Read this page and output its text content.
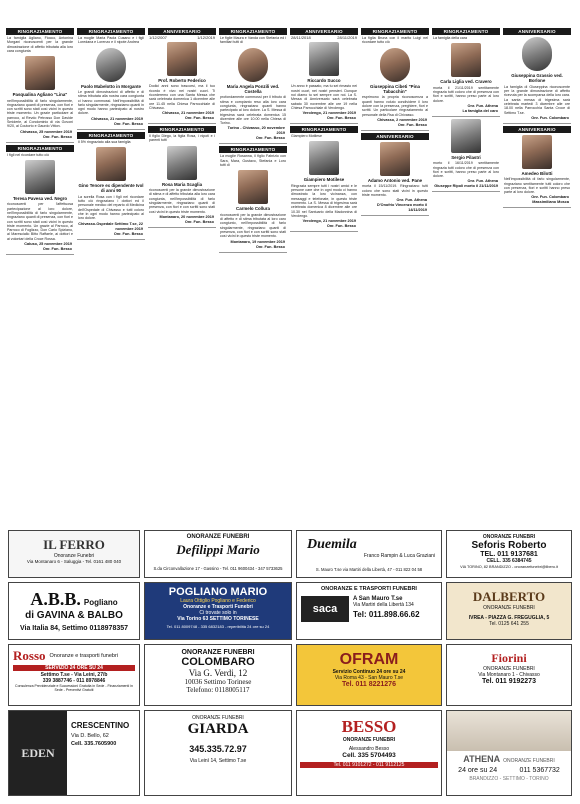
RINGRAZIAMENTO
La famiglia Agliano, Fiocco, Antonina Morgani riconoscenti per la grande dimostrazione di affetto tributata alla loro cara congiunta
Pasqualina Agliano "Lina"
nell'impossibilità di farlo singolarmente, ringraziano quanti di presenza, con fiori e con scritti sono stati così vicini in questo triste momento. Un grazie particolare al parroco, al Revdo Petrosso Don Davide Smiderle, al Condominio di via Govoni 9/20, al Coutorto e Gaurdo Vitton.
Chivasso, 25 novembre 2019
Onr. Fun. Besso
RINGRAZIAMENTO
I figli nel ricordare tutto ciò
Teresa Pavesa ved. Negro
riconoscenti per l'affettuosa partecipazione al loro dolore, nell'impossibilità di farlo singolarmente, ringraziano quanti di presenza, con fiori e con scritti sono stati così vicini in questo triste momento. Un grazie al Parroco, al Parroco di Foglizzo, Don Carlo Spiziano, al Maresciallo Bitto Raffaele, ai dottori e ai volontari della Croce Rossa.
Caluso, 25 novembre 2019
Onr. Fun. Besso
RINGRAZIAMENTO
La moglie Maria Paola Cusano e i figli Loredana e Lorenzo e il nipote Andrea
Paolo Mabelotto in Morgante
Le grandi dimostrazioni di affetto e di stima tributata alla nostra cara congiunta ci hanno commossi. Nell'impossibilità di farlo singolarmente, ringraziamo quanti in ogni modo hanno partecipato al nostro dolore.
Chivasso, 21 novembre 2019
Onr. Fun. Besso
RINGRAZIAMENTO
Il 5% ringraziato alla sua famiglia
Gino Tenore ex dipendente Ivol di anni 90
La sorella Rosa con i figli nel ricordare tutto ciò ringraziano i dottori ed il personale medico del reparto di Medicina dell'Ospedale di Chivasso e tutti coloro che in ogni modo hanno partecipato al loro dolore.
Chivasso-Ospedale Settimo T.se, 22 novembre 2019
Onr. Fun. Besso
ANNIVERSARIO
1/12/2007	1/12/2019
Prof. Roberto Federico
Dodici anni sono trascorsi, ma il tuo ricordo è vivo nei nostri cuori. Ti ricorderemo con una Santa Messa che sarà celebrata domenica 1 dicembre alle ore 11.45 nella Chiesa Parrocchiale di Chivasso.
Chivasso, 21 novembre 2019
Onr. Fun. Besso
RINGRAZIAMENTO
Il figlio Diego, la figlia Rosa, i nipoti e i parenti tutti
Rosa Maria Scaglia
riconoscenti per la grande dimostrazione di stima e di affetto tributata alla loro cara congiunta, nell'impossibilità di farlo singolarmente, ringraziano quanti di presenza, con fiori e con scritti sono stati così vicini in questo triste momento.
Montanaro, 20 novembre 2019
Onr. Fun. Besso
RINGRAZIAMENTO
Le figlie Maura e Vanda con Stefania ed i familiari tutti di
Maria Angela Ponzili ved. Costella
profondamente commossi per il tributo di stima e compianto reso alla loro cara congiunta, ringraziano quanti hanno partecipato al loro dolore. La S. Messa di trigesima sarà celebrata domenica 15 dicembre alle ore 10.00 nella Chiesa di Torino.
Torino - Chivasso, 20 novembre 2019
Onr. Fun. Besso
RINGRAZIAMENTO
La moglie Rosanna, il figlio Fabrizio con Sara, Mara, Gustavo, Stefania e Loro tutti di
Carmelo Collura
riconoscenti per la grande dimostrazione di affetto e di stima tributata al loro caro congiunto, nell'impossibilità di farlo singolarmente, ringraziano quanti di presenza, con fiori e con scritti sono stati così vicini in questo triste momento.
Montanaro, 19 novembre 2019
Onr. Fun. Besso
ANNIVERSARIO
28/11/2018	28/11/2019
Riccardo Succo
Un anno è passato, ma tu sei rimasto nei nostri cuori, nei nostri pensieri. Dunque noi diamo tu sei sempre con noi. La S. Messa di Anniversario sarà celebrata sabato 30 novembre alle ore 19 nella Chiesa Parrocchiale di Verolengo.
Verolengo, 21 novembre 2019
Onr. Fun. Besso
RINGRAZIAMENTO
Giampiero Motilese
Giampiero Motilese
Ringrazia sempre tutti i nostri amici e le persone care che in ogni modo ci hanno dimostrato la loro vicinanza, con messaggi e telefonate, in questo triste momento. La S. Messa di trigesima sarà celebrata domenica 8 dicembre alle ore 10.30 nel Santuario della Madonnina di Verolengo.
Verolengo, 21 novembre 2019
Onr. Fun. Besso
RINGRAZIAMENTO
La figlia Bruna con il marito Luigi nel ricordare tutto ciò
Giuseppina Cibeti "Pina Tabacchin"
esprimono la propria riconoscenza a quanti hanno voluto condividere il loro dolore con la presenza, preghiere, fiori e scritti. Un particolare ringraziamento al personale della Rsa di Chivasso.
Chivasso, 2 novembre 2019
Onr. Fun. Besso
ANNIVERSARIO
Adamo Antonio ved. Pane
morta il 15/11/2019. Ringraziano tutti coloro che sono stati vicini in questo triste momento.
Onr. Fun. Athena
D'Onofrio Vincenzo morto il 14/11/2019
RINGRAZIAMENTO
La famiglia della cara
Carla Liglia ved. Cravero
morta il 21/11/2019 sentitamente ringrazia tutti coloro che di presenza con fiori e scritti, hanno preso parte al loro dolore.
Onr. Fun. Athena
La famiglia del caro
Sergio Pilastri
morto il 16/11/2019 sentitamente ringrazia tutti coloro che di presenza con fiori e scritti, hanno preso parte al loro dolore.
Onr. Fun. Athena
Giuseppe Ripoli morto il 21/11/2019
ANNIVERSARIO
Giuseppina Grassio ved. Borlone
La famiglia di Giuseppina riconoscente per la grande dimostrazione di affetto ricevuta per la scomparsa della loro cara. La santa messa di trigesima sarà celebrata martedì 3 dicembre alle ore 18.00 nella Parrocchia Santa Croce di Settimo T.se.
Onr. Fun. Colombaro
ANNIVERSARIO
Amedeo Bilotti
Nell'impossibilità di farlo singolarmente, ringraziano sentitamente tutti coloro che con presenza, fiori e scritti hanno preso parte al loro dolore.
Onr. Fun. Colombaro
Massimiliano Mosca
IL FERRO
Onoranze Funebri
Via Montanaro 6 - Saluggia - Tel. 0161 480 040
ONORANZE FUNEBRI
Defilippi Mario
S.da Circonvallazione 17 - Gassino - Tel. 011 9600434 - 347 5733625
Duemila
Franco Rampin & Luca Graziani
S. Mauro T.se via Martiri della Libertà, 47 - 011 822 04 58
ONORANZE FUNEBRI
Seforis Roberto
TEL. 011 9137681
CELL. 335 6384745
VIA TORINO, 82 BRANDIZZO - onoranzefunebri@libero.it
A.B.B. Pogliano
di GAVINA & BALBO
Via Italia 84, Settimo 0118978357
POGLIANO MARIO
Laura Ottiglio Pogliano e Federico
Onoranze e Trasporti Funebri
Ci trovate solo in
Via Torino 63 SETTIMO TORINESE
Tel. 011 8009748 - 335 6832183 - reperibilità 24 ore su 24
ONORANZE E TRASPORTI FUNEBRI
saca
A San Mauro T.se
Via Martiri della Libertà 134
Tel: 011.898.66.62
DALBERTO
ONORANZE FUNEBRI
IVREA - PIAZZA G. FREGUGLIA, 5
Tel. 0125 641 255
Rosso Onoranze e trasporti funebri
SERVIZIO 24 ORE SU 24
Settimo T.se - Via Leini, 27/b
339 3887746 - 011 8978846
Consulenza Previdenziale e Successioni Gratuita in Sede - Finanziamenti in Sede - Preventivi Gratuiti
ONORANZE FUNEBRI
COLOMBARO
Via G. Verdi, 12
10036 Settimo Torinese
Telefono: 0118005117
OFRAM
Servizio Continuo 24 ore su 24
Via Roma 43 - San Mauro T.se
Tel. 011 8221276
Fiorini
ONORANZE FUNEBRI
Via Montanaro 1 - Chivasso
Tel. 011 9192273
EDEN
CRESCENTINO
Via D. Bello, 62
Cell. 335.7605900
ONORANZE FUNEBRI
GIARDA
345.335.72.97
Via Leinì 14, Settimo T.se
BESSO
ONORANZE FUNEBRI
Alessandro Besso
Cell. 335 5704493
Tel. 011 9101272 - 011 9112125
ATHENA ONORANZE FUNEBRI
24 ore su 24	011 5367732
BRANDIZZO - SETTIMO - TORINO
